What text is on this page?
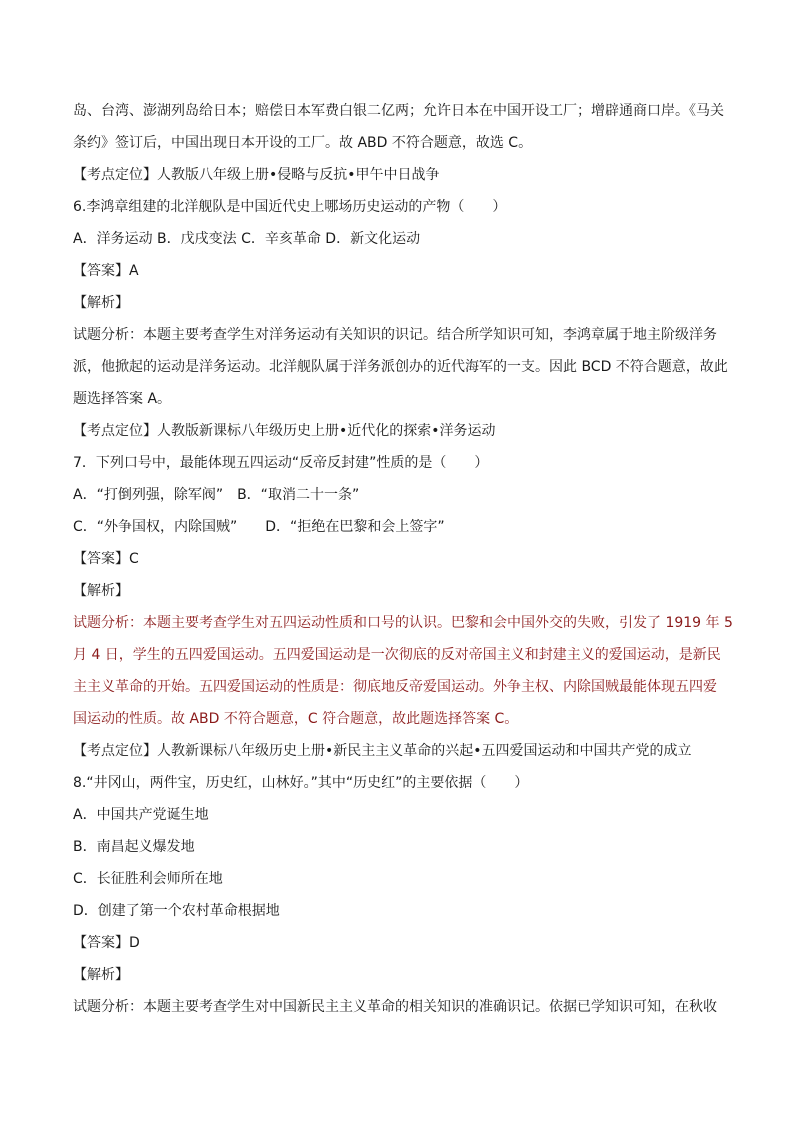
岛、台湾、澎湖列岛给日本；赔偿日本军费白银二亿两；允许日本在中国开设工厂；增辟通商口岸。《马关
条约》签订后，中国出现日本开设的工厂。故 ABD 不符合题意，故选 C。
【考点定位】人教版八年级上册•侵略与反抗•甲午中日战争
6.李鸿章组建的北洋舰队是中国近代史上哪场历史运动的产物（　　）
A．洋务运动 B．戊戌变法 C．辛亥革命 D．新文化运动
【答案】A
【解析】
试题分析：本题主要考查学生对洋务运动有关知识的识记。结合所学知识可知，李鸿章属于地主阶级洋务
派，他掀起的运动是洋务运动。北洋舰队属于洋务派创办的近代海军的一支。因此 BCD 不符合题意，故此
题选择答案 A。
【考点定位】人教版新课标八年级历史上册•近代化的探索•洋务运动
7．下列口号中，最能体现五四运动“反帝反封建”性质的是（　　）
A．“打倒列强，除军阀”　B．“取消二十一条”
C．“外争国权，内除国贼”　　D．“拒绝在巴黎和会上签字”
【答案】C
【解析】
试题分析：本题主要考查学生对五四运动性质和口号的认识。巴黎和会中国外交的失败，引发了 1919 年 5
月 4 日，学生的五四爱国运动。五四爱国运动是一次彻底的反对帝国主义和封建主义的爱国运动，是新民
主主义革命的开始。五四爱国运动的性质是：彻底地反帝爱国运动。外争主权、内除国贼最能体现五四爱
国运动的性质。故 ABD 不符合题意，C 符合题意，故此题选择答案 C。
【考点定位】人教新课标八年级历史上册•新民主主义革命的兴起•五四爱国运动和中国共产党的成立
8.“井冈山，两件宝，历史红，山林好。”其中“历史红”的主要依据（　　）
A．中国共产党诞生地
B．南昌起义爆发地
C．长征胜利会师所在地
D．创建了第一个农村革命根据地
【答案】D
【解析】
试题分析：本题主要考查学生对中国新民主主义革命的相关知识的准确识记。依据已学知识可知，在秋收
